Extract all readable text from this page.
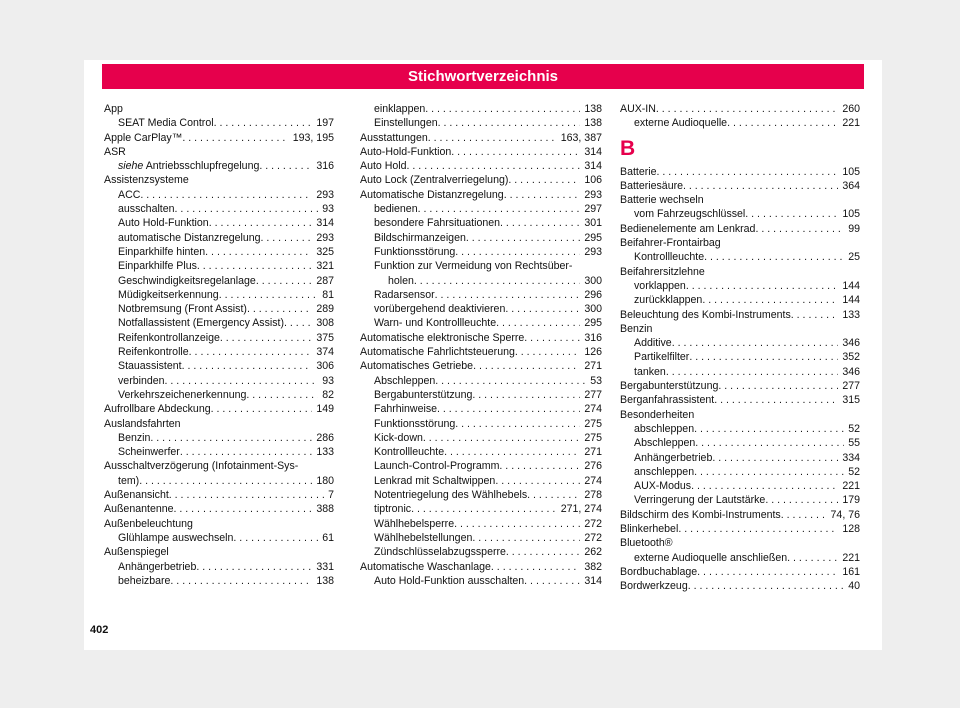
Stichwortverzeichnis
App
SEAT Media Control . . .	197
Apple CarPlay™ . . .	193, 195
ASR
siehe Antriebsschlupfregelung . . .	316
Assistenzsysteme
ACC . . .	293
ausschalten . . .	93
Auto Hold-Funktion . . .	314
automatische Distanzregelung . . .	293
Einparkhilfe hinten . . .	325
Einparkhilfe Plus . . .	321
Geschwindigkeitsregelanlage . . .	287
Müdigkeitserkennung . . .	81
Notbremsung (Front Assist) . . .	289
Notfallassistent (Emergency Assist) . . .	308
Reifenkontrollanzeige . . .	375
Reifenkontrolle . . .	374
Stauassistent . . .	306
verbinden . . .	93
Verkehrszeichenerkennung . . .	82
Aufrollbare Abdeckung . . .	149
Auslandsfahrten
Benzin . . .	286
Scheinwerfer . . .	133
Ausschaltverzögerung (Infotainment-Sys-
tem) . . .	180
Außenansicht . . .	7
Außenantenne . . .	388
Außenbeleuchtung
Glühlampe auswechseln . . .	61
Außenspiegel
Anhängerbetrieb . . .	331
beheizbare . . .	138
einklappen . . .	138
Einstellungen . . .	138
Ausstattungen . . .	163, 387
Auto-Hold-Funktion . . .	314
Auto Hold . . .	314
Auto Lock (Zentralverriegelung) . . .	106
Automatische Distanzregelung . . .	293
bedienen . . .	297
besondere Fahrsituationen . . .	301
Bildschirmanzeigen . . .	295
Funktionsstörung . . .	293
Funktion zur Vermeidung von Rechtsüber-
holen . . .	300
Radarsensor . . .	296
vorübergehend deaktivieren . . .	300
Warn- und Kontrollleuchte . . .	295
Automatische elektronische Sperre . . .	316
Automatische Fahrlichtsteuerung . . .	126
Automatisches Getriebe . . .	271
Abschleppen . . .	53
Bergabunterstützung . . .	277
Fahrhinweise . . .	274
Funktionsstörung . . .	275
Kick-down . . .	275
Kontrollleuchte . . .	271
Launch-Control-Programm . . .	276
Lenkrad mit Schaltwippen . . .	274
Notentriegelung des Wählhebels . . .	278
tiptronic . . .	271, 274
Wählhebelsperre . . .	272
Wählhebelstellungen . . .	272
Zündschlüsselabzugssperre . . .	262
Automatische Waschanlage . . .	382
Auto Hold-Funktion ausschalten . . .	314
AUX-IN . . .	260
externe Audioquelle . . .	221
B
Batterie . . .	105
Batteriesäure . . .	364
Batterie wechseln
vom Fahrzeugschlüssel . . .	105
Bedienelemente am Lenkrad . . .	99
Beifahrer-Frontairbag
Kontrollleuchte . . .	25
Beifahrersitzlehne
vorklappen . . .	144
zurückklappen . . .	144
Beleuchtung des Kombi-Instruments . . .	133
Benzin
Additive . . .	346
Partikelfilter . . .	352
tanken . . .	346
Bergabunterstützung . . .	277
Berganfahrassistent . . .	315
Besonderheiten
abschleppen . . .	52
Abschleppen . . .	55
Anhängerbetrieb . . .	334
anschleppen . . .	52
AUX-Modus . . .	221
Verringerung der Lautstärke . . .	179
Bildschirm des Kombi-Instruments . . .	74, 76
Blinkerhebel . . .	128
Bluetooth®
externe Audioquelle anschließen . . .	221
Bordbuchablage . . .	161
Bordwerkzeug . . .	40
402
